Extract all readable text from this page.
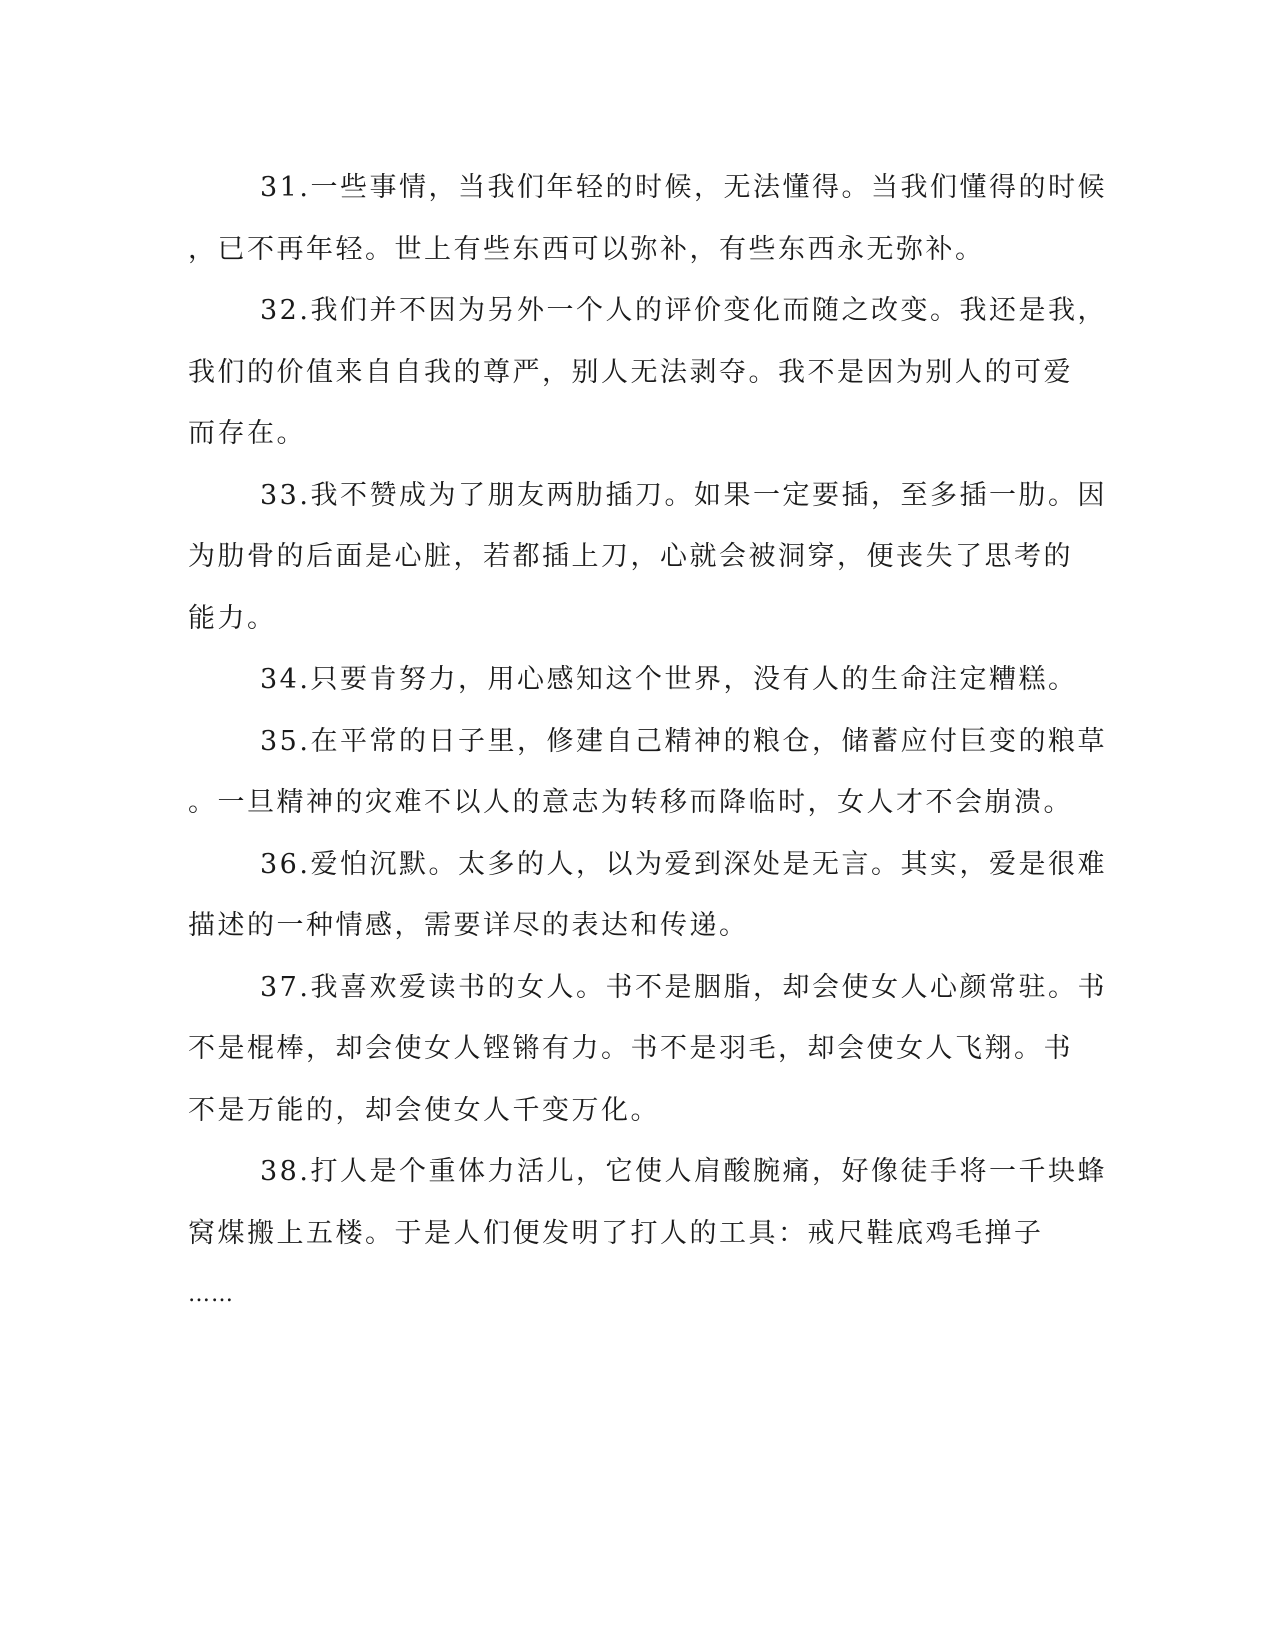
31.一些事情，当我们年轻的时候，无法懂得。当我们懂得的时候
，已不再年轻。世上有些东西可以弥补，有些东西永无弥补。

32.我们并不因为另外一个人的评价变化而随之改变。我还是我，
我们的价值来自自我的尊严，别人无法剥夺。我不是因为别人的可爱
而存在。

33.我不赞成为了朋友两肋插刀。如果一定要插，至多插一肋。因
为肋骨的后面是心脏，若都插上刀，心就会被洞穿，便丧失了思考的
能力。

34.只要肯努力，用心感知这个世界，没有人的生命注定糟糕。

35.在平常的日子里，修建自己精神的粮仓，储蓄应付巨变的粮草
。一旦精神的灾难不以人的意志为转移而降临时，女人才不会崩溃。

36.爱怕沉默。太多的人，以为爱到深处是无言。其实，爱是很难
描述的一种情感，需要详尽的表达和传递。

37.我喜欢爱读书的女人。书不是胭脂，却会使女人心颜常驻。书
不是棍棒，却会使女人铿锵有力。书不是羽毛，却会使女人飞翔。书
不是万能的，却会使女人千变万化。

38.打人是个重体力活儿，它使人肩酸腕痛，好像徒手将一千块蜂
窝煤搬上五楼。于是人们便发明了打人的工具：戒尺鞋底鸡毛掸子
……
